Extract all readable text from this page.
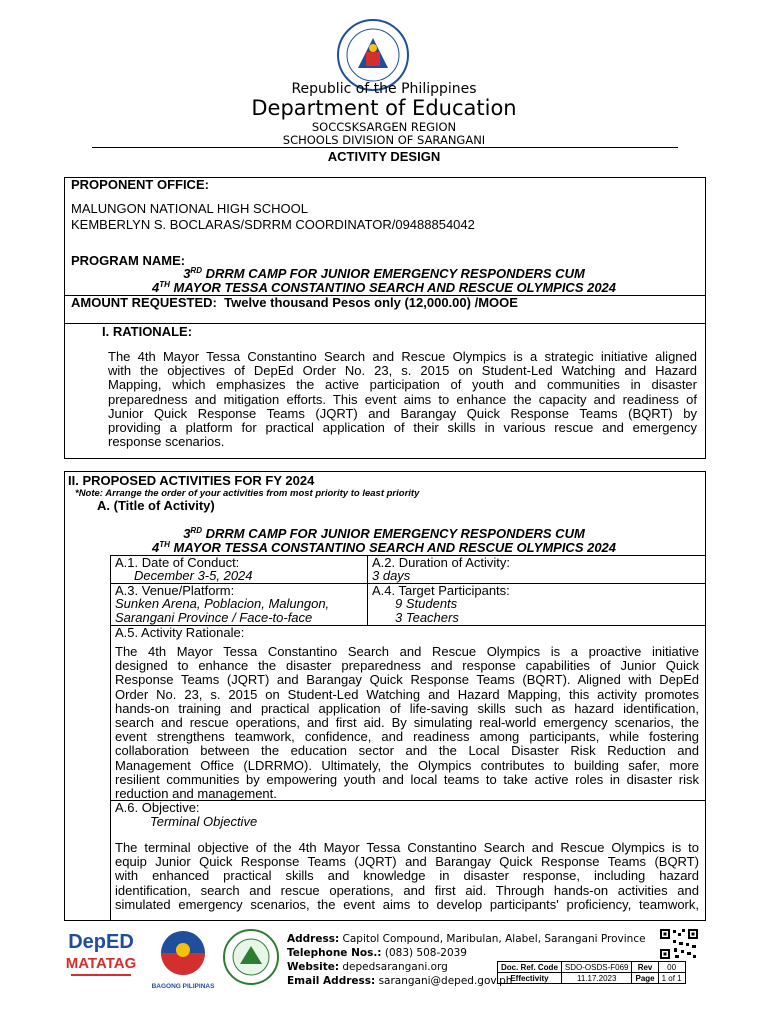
Republic of the Philippines
Department of Education
SOCCSKSARGEN REGION
SCHOOLS DIVISION OF SARANGANI
ACTIVITY DESIGN
PROPONENT OFFICE:
MALUNGON NATIONAL HIGH SCHOOL
KEMBERLYN S. BOCLARAS/SDRRM COORDINATOR/09488854042
PROGRAM NAME:
3RD DRRM CAMP FOR JUNIOR EMERGENCY RESPONDERS CUM
4TH MAYOR TESSA CONSTANTINO SEARCH AND RESCUE OLYMPICS 2024
AMOUNT REQUESTED: Twelve thousand Pesos only (12,000.00) /MOOE
I. RATIONALE:
The 4th Mayor Tessa Constantino Search and Rescue Olympics is a strategic initiative aligned
with the objectives of DepEd Order No. 23, s. 2015 on Student-Led Watching and Hazard
Mapping, which emphasizes the active participation of youth and communities in disaster
preparedness and mitigation efforts. This event aims to enhance the capacity and readiness of
Junior Quick Response Teams (JQRT) and Barangay Quick Response Teams (BQRT) by
providing a platform for practical application of their skills in various rescue and emergency
response scenarios.
II. PROPOSED ACTIVITIES FOR FY 2024
*Note: Arrange the order of your activities from most priority to least priority
A. (Title of Activity)
3RD DRRM CAMP FOR JUNIOR EMERGENCY RESPONDERS CUM
4TH MAYOR TESSA CONSTANTINO SEARCH AND RESCUE OLYMPICS 2024
A.1. Date of Conduct:
December 3-5, 2024
A.2. Duration of Activity:
3 days
A.3. Venue/Platform:
Sunken Arena, Poblacion, Malungon,
Sarangani Province / Face-to-face
A.4. Target Participants:
9 Students
3 Teachers
A.5. Activity Rationale:
The 4th Mayor Tessa Constantino Search and Rescue Olympics is a proactive initiative
designed to enhance the disaster preparedness and response capabilities of Junior Quick
Response Teams (JQRT) and Barangay Quick Response Teams (BQRT). Aligned with DepEd
Order No. 23, s. 2015 on Student-Led Watching and Hazard Mapping, this activity promotes
hands-on training and practical application of life-saving skills such as hazard identification,
search and rescue operations, and first aid. By simulating real-world emergency scenarios, the
event strengthens teamwork, confidence, and readiness among participants, while fostering
collaboration between the education sector and the Local Disaster Risk Reduction and
Management Office (LDRRMO). Ultimately, the Olympics contributes to building safer, more
resilient communities by empowering youth and local teams to take active roles in disaster risk
reduction and management.
A.6. Objective:
Terminal Objective
The terminal objective of the 4th Mayor Tessa Constantino Search and Rescue Olympics is to
equip Junior Quick Response Teams (JQRT) and Barangay Quick Response Teams (BQRT)
with enhanced practical skills and knowledge in disaster response, including hazard
identification, search and rescue operations, and first aid. Through hands-on activities and
simulated emergency scenarios, the event aims to develop participants' proficiency, teamwork,
DepED
MATATAG
BAGONG PILIPINAS
Address: Capitol Compound, Maribulan, Alabel, Sarangani Province
Telephone Nos.: (083) 508-2039
Website: depedsarangani.org
Email Address: sarangani@deped.gov.ph
Doc. Ref. Code	SDO-OSDS-F069	Rev	00
Effectivity	11.17.2023	Page	1 of 1
